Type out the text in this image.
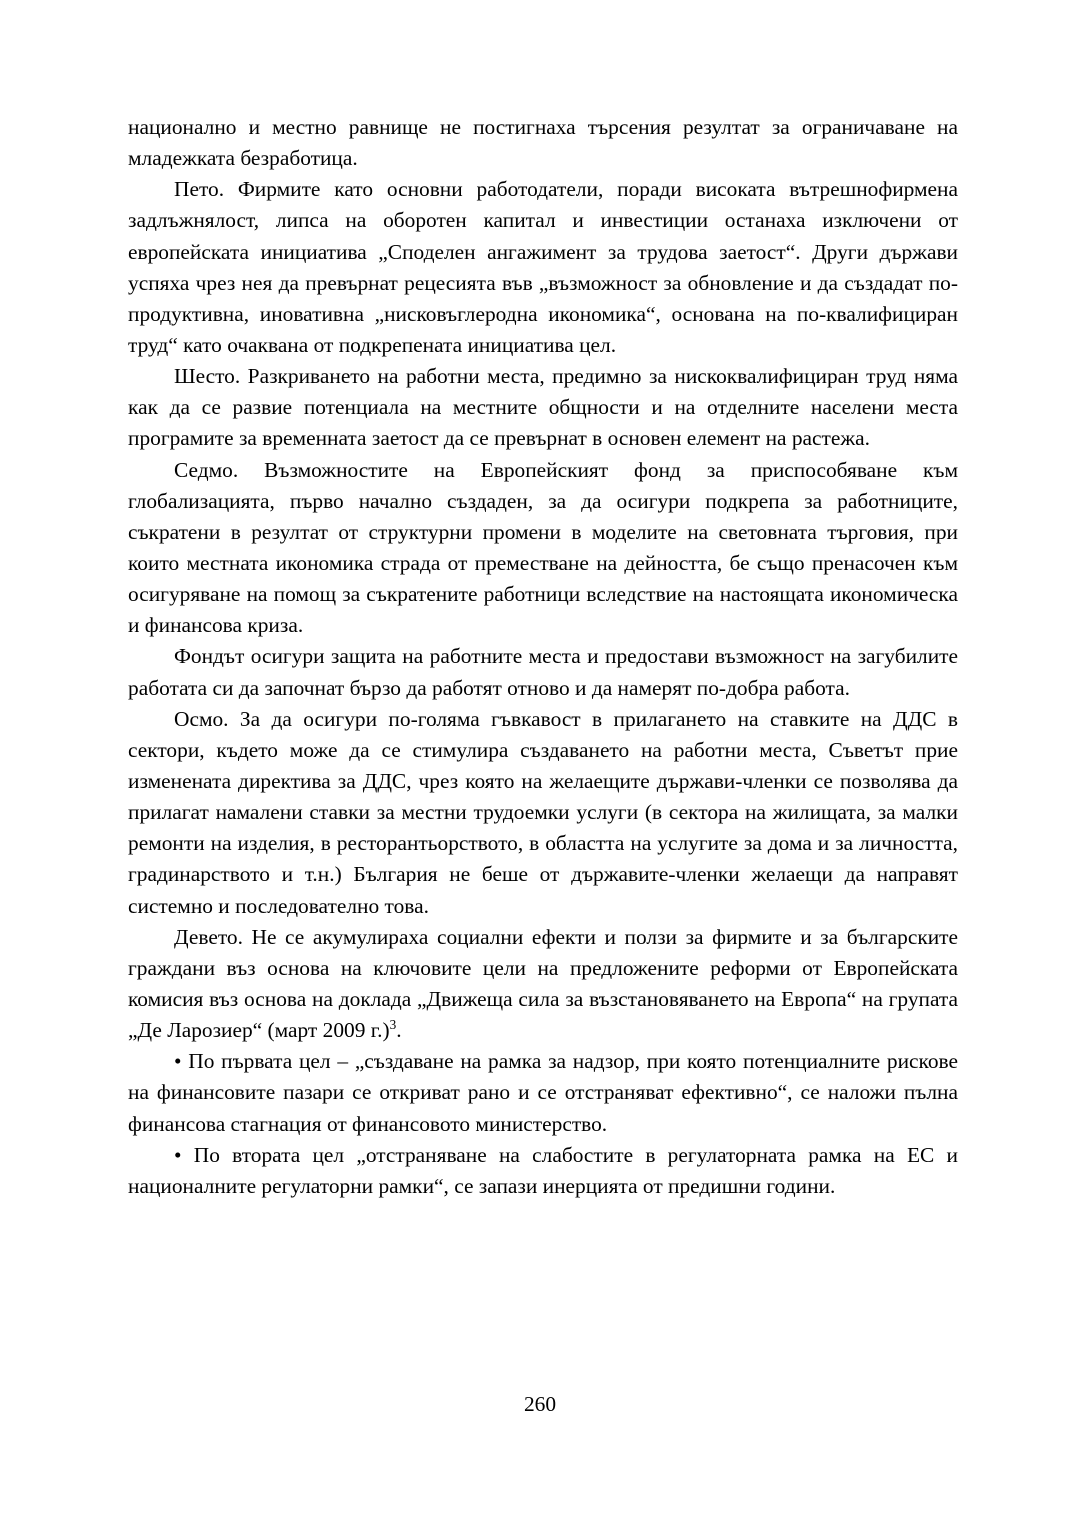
национално и местно равнище не постигнаха търсения резултат за ограничаване на младежката безработица.

Пето. Фирмите като основни работодатели, поради високата вътрешнофирмена задлъжнялост, липса на оборотен капитал и инвестиции останаха изключени от европейската инициатива „Споделен ангажимент за трудова заетост“. Други държави успяха чрез нея да превърнат рецесията във „възможност за обновление и да създадат по-продуктивна, иновативна „нисковъглеродна икономика“, основана на по-квалифициран труд“ като очаквана от подкрепената инициатива цел.

Шесто. Разкриването на работни места, предимно за нискоквалифициран труд няма как да се развие потенциала на местните общности и на отделните населени места програмите за временната заетост да се превърнат в основен елемент на растежа.

Седмо. Възможностите на Европейският фонд за приспособяване към глобализацията, първо начално създаден, за да осигури подкрепа за работниците, съкратени в резултат от структурни промени в моделите на световната търговия, при които местната икономика страда от преместване на дейността, бе също пренасочен към осигуряване на помощ за съкратените работници вследствие на настоящата икономическа и финансова криза.

Фондът осигури защита на работните места и предостави възможност на загубилите работата си да започнат бързо да работят отново и да намерят по-добра работа.

Осмо. За да осигури по-голяма гъвкавост в прилагането на ставките на ДДС в сектори, където може да се стимулира създаването на работни места, Съветът прие изменената директива за ДДС, чрез която на желаещите държави-членки се позволява да прилагат намалени ставки за местни трудоемки услуги (в сектора на жилищата, за малки ремонти на изделия, в ресторантьорството, в областта на услугите за дома и за личността, градинарството и т.н.) България не беше от държавите-членки желаещи да направят системно и последователно това.

Девето. Не се акумулираха социални ефекти и ползи за фирмите и за българските граждани въз основа на ключовите цели на предложените реформи от Европейската комисия въз основа на доклада „Движеща сила за възстановяването на Европа“ на групата „Де Ларозиер“ (март 2009 г.)$^3$.

• По първата цел – „създаване на рамка за надзор, при която потенциалните рискове на финансовите пазари се откриват рано и се отстраняват ефективно“, се наложи пълна финансова стагнация от финансовото министерство.

• По втората цел „отстраняване на слабостите в регулаторната рамка на ЕС и националните регулаторни рамки“, се запази инерцията от предишни години.

260
